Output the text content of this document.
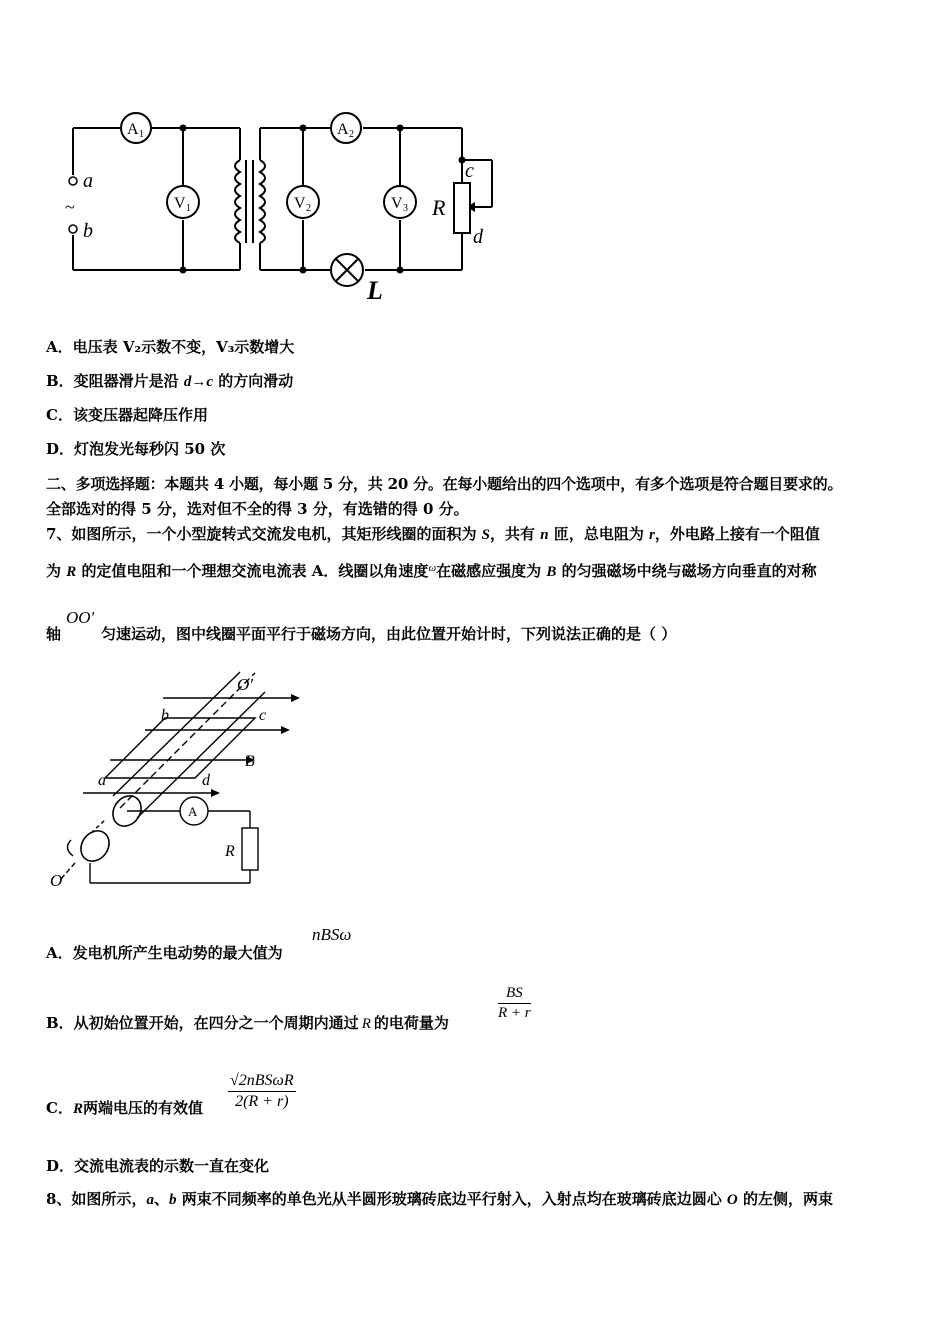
a
~
b
A 1	A 2
V 1	V 2	V 3 R
c
d
L
A．电压表 V₂示数不变，V₃示数增大
B．变阻器滑片是沿 d→c 的方向滑动
C．该变压器起降压作用
D．灯泡发光每秒闪 50 次
二、多项选择题：本题共 4 小题，每小题 5 分，共 20 分。在每小题给出的四个选项中，有多个选项是符合题目要求的。
全部选对的得 5 分，选对但不全的得 3 分，有选错的得 0 分。
7、如图所示，一个小型旋转式交流发电机，其矩形线圈的面积为 S，共有 n 匝，总电阻为 r，外电路上接有一个阻值
为 R 的定值电阻和一个理想交流电流表 A．线圈以角速度$^\omega$在磁感应强度为 B 的匀强磁场中绕与磁场方向垂直的对称
轴
OO′
匀速运动，图中线圈平面平行于磁场方向，由此位置开始计时，下列说法正确的是（ ）
O′
b	c
B
a	d
A
R
O
A．发电机所产生电动势的最大值为
nBSω
B．从初始位置开始，在四分之一个周期内通过 R 的电荷量为
$\frac{BS}{R + r}$
C．R两端电压的有效值
√2nBSωR
2(R + r)
D．交流电流表的示数一直在变化
8、如图所示，a、b 两束不同频率的单色光从半圆形玻璃砖底边平行射入，入射点均在玻璃砖底边圆心 O 的左侧，两束
